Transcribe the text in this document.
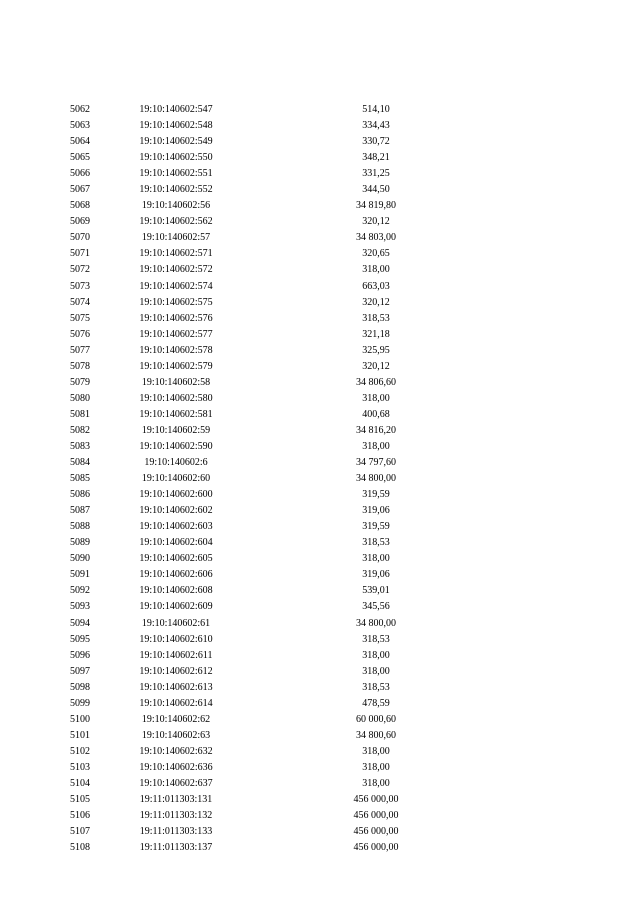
5062	19:10:140602:547	514,10
5063	19:10:140602:548	334,43
5064	19:10:140602:549	330,72
5065	19:10:140602:550	348,21
5066	19:10:140602:551	331,25
5067	19:10:140602:552	344,50
5068	19:10:140602:56	34 819,80
5069	19:10:140602:562	320,12
5070	19:10:140602:57	34 803,00
5071	19:10:140602:571	320,65
5072	19:10:140602:572	318,00
5073	19:10:140602:574	663,03
5074	19:10:140602:575	320,12
5075	19:10:140602:576	318,53
5076	19:10:140602:577	321,18
5077	19:10:140602:578	325,95
5078	19:10:140602:579	320,12
5079	19:10:140602:58	34 806,60
5080	19:10:140602:580	318,00
5081	19:10:140602:581	400,68
5082	19:10:140602:59	34 816,20
5083	19:10:140602:590	318,00
5084	19:10:140602:6	34 797,60
5085	19:10:140602:60	34 800,00
5086	19:10:140602:600	319,59
5087	19:10:140602:602	319,06
5088	19:10:140602:603	319,59
5089	19:10:140602:604	318,53
5090	19:10:140602:605	318,00
5091	19:10:140602:606	319,06
5092	19:10:140602:608	539,01
5093	19:10:140602:609	345,56
5094	19:10:140602:61	34 800,00
5095	19:10:140602:610	318,53
5096	19:10:140602:611	318,00
5097	19:10:140602:612	318,00
5098	19:10:140602:613	318,53
5099	19:10:140602:614	478,59
5100	19:10:140602:62	60 000,60
5101	19:10:140602:63	34 800,60
5102	19:10:140602:632	318,00
5103	19:10:140602:636	318,00
5104	19:10:140602:637	318,00
5105	19:11:011303:131	456 000,00
5106	19:11:011303:132	456 000,00
5107	19:11:011303:133	456 000,00
5108	19:11:011303:137	456 000,00
